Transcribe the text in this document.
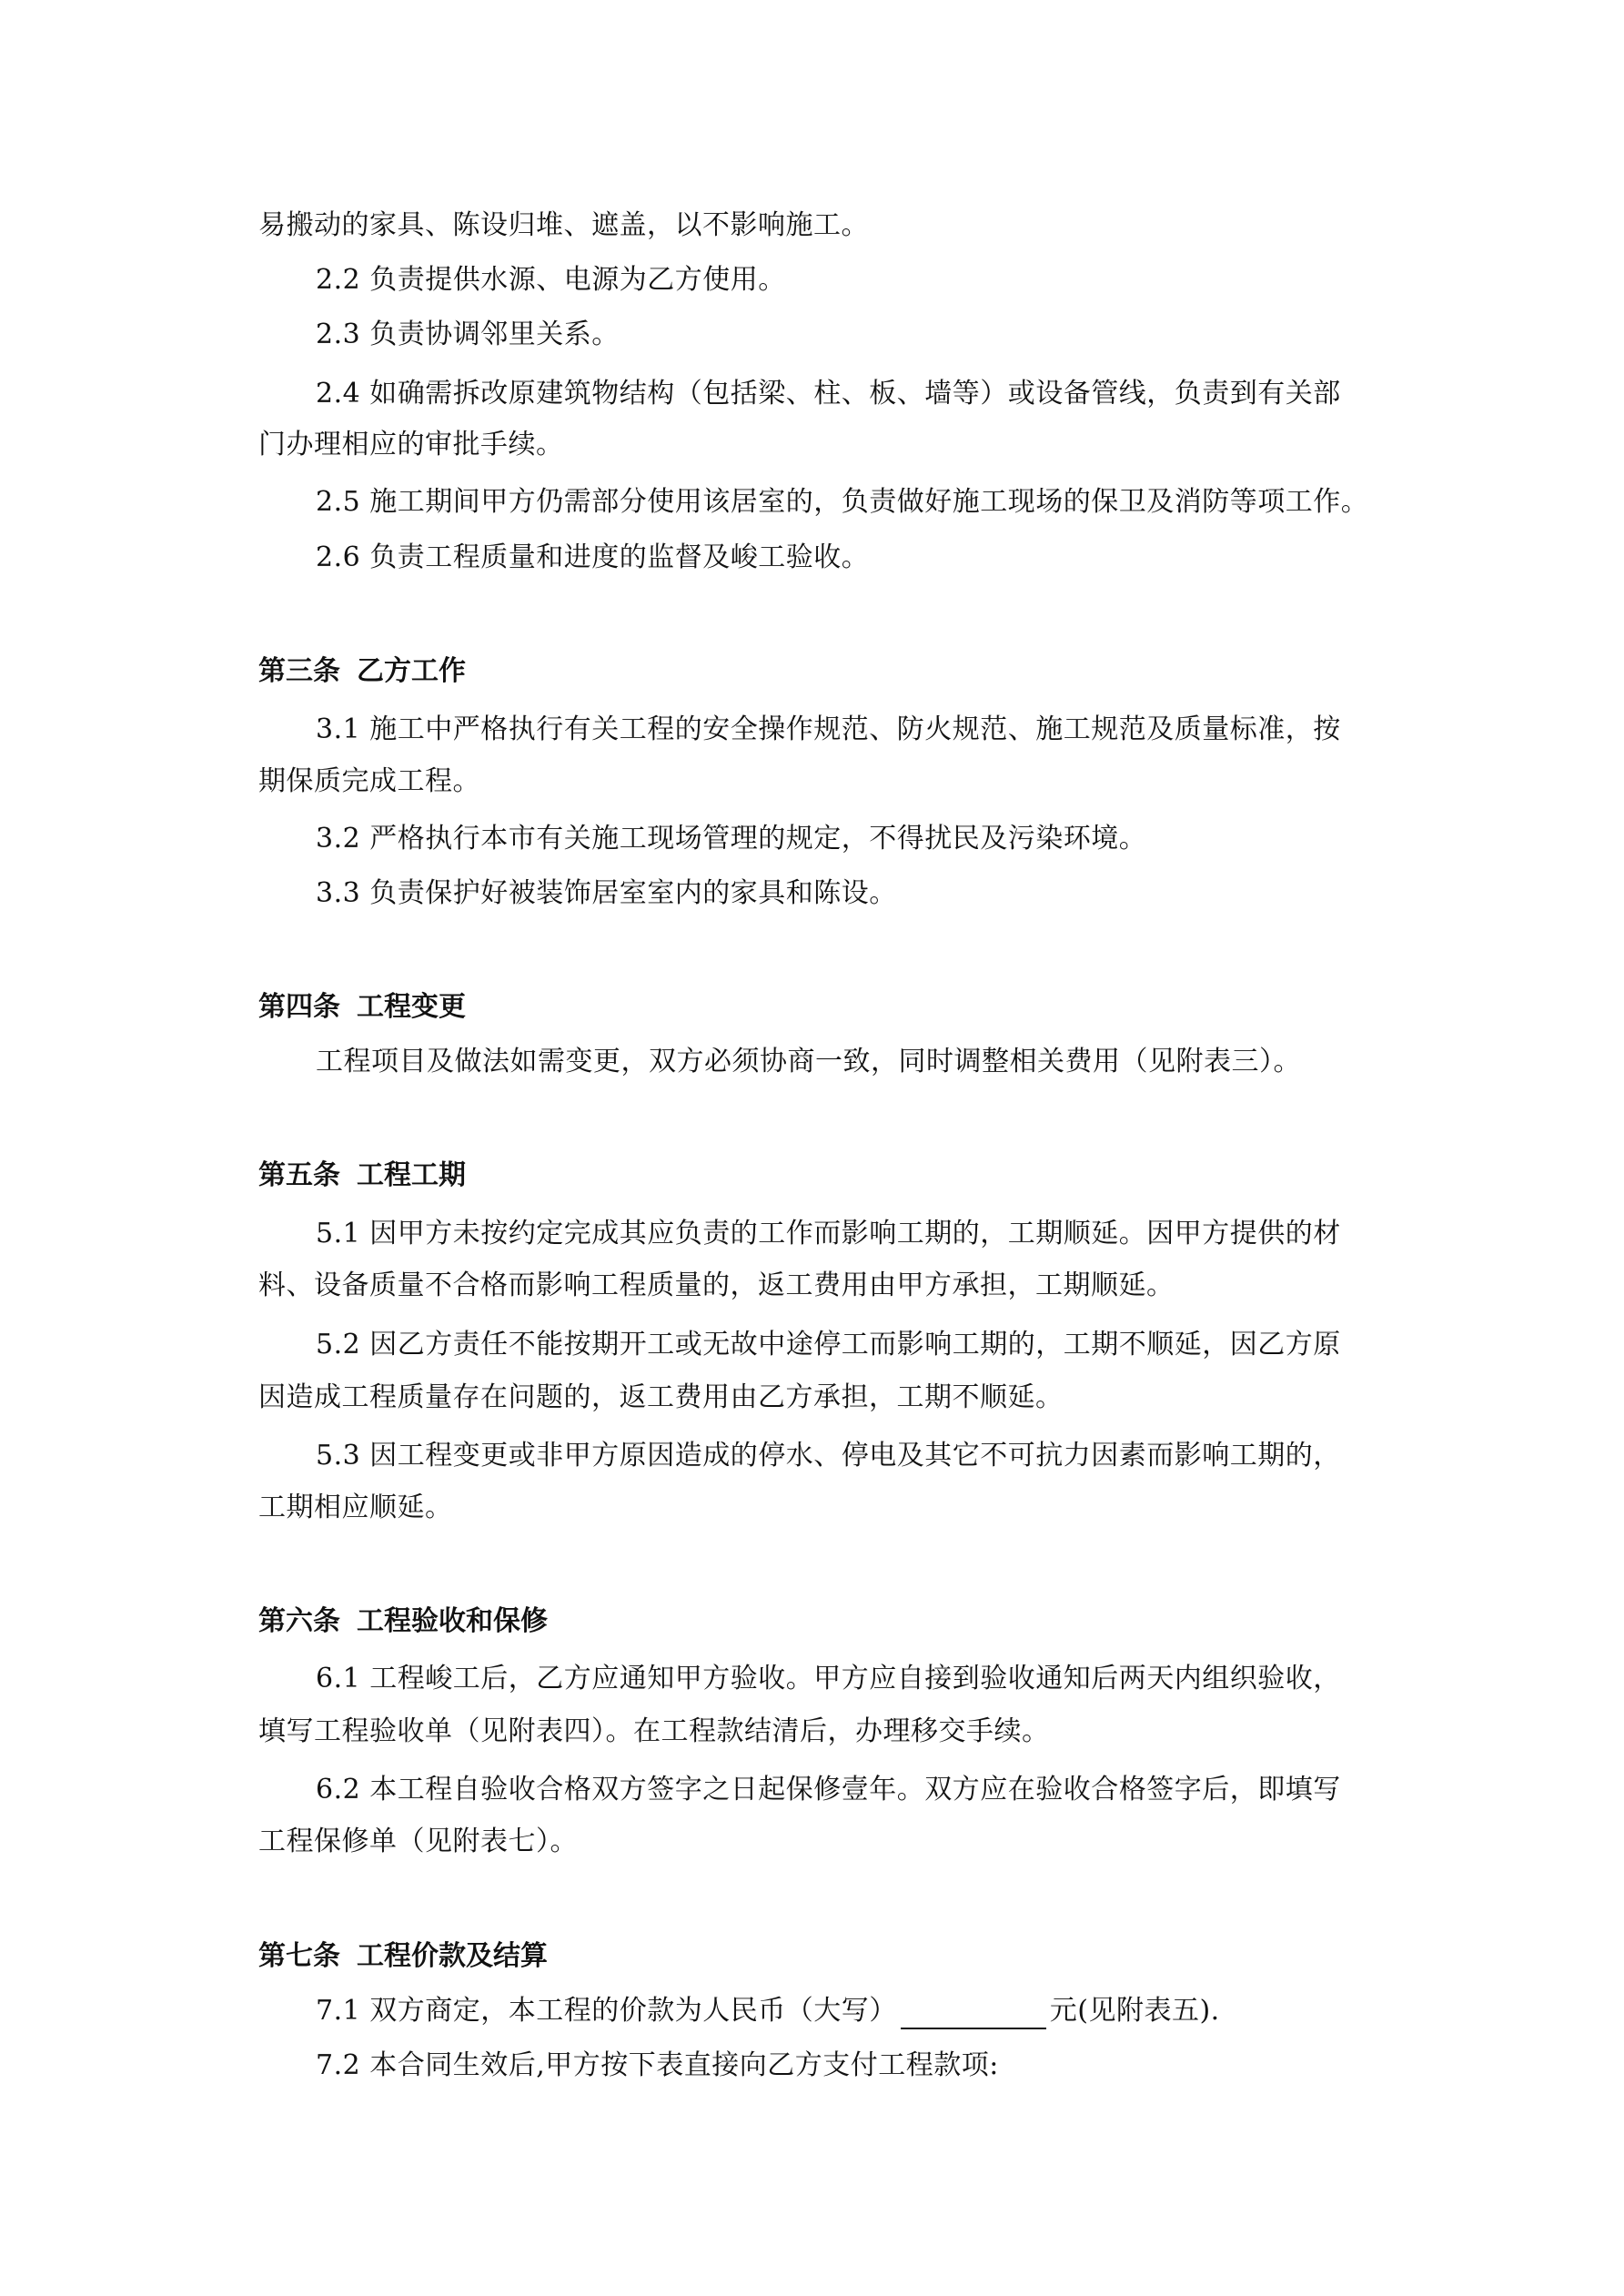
易搬动的家具、陈设归堆、遮盖，以不影响施工。
2.2 负责提供水源、电源为乙方使用。
2.3 负责协调邻里关系。
2.4 如确需拆改原建筑物结构（包括梁、柱、板、墙等）或设备管线，负责到有关部
门办理相应的审批手续。
2.5 施工期间甲方仍需部分使用该居室的，负责做好施工现场的保卫及消防等项工作。
2.6 负责工程质量和进度的监督及峻工验收。
第三条 乙方工作
3.1 施工中严格执行有关工程的安全操作规范、防火规范、施工规范及质量标准，按
期保质完成工程。
3.2 严格执行本市有关施工现场管理的规定，不得扰民及污染环境。
3.3 负责保护好被装饰居室室内的家具和陈设。
第四条 工程变更
工程项目及做法如需变更，双方必须协商一致，同时调整相关费用（见附表三）。
第五条 工程工期
5.1 因甲方未按约定完成其应负责的工作而影响工期的，工期顺延。因甲方提供的材
料、设备质量不合格而影响工程质量的，返工费用由甲方承担，工期顺延。
5.2 因乙方责任不能按期开工或无故中途停工而影响工期的，工期不顺延，因乙方原
因造成工程质量存在问题的，返工费用由乙方承担，工期不顺延。
5.3 因工程变更或非甲方原因造成的停水、停电及其它不可抗力因素而影响工期的，
工期相应顺延。
第六条 工程验收和保修
6.1 工程峻工后，乙方应通知甲方验收。甲方应自接到验收通知后两天内组织验收，
填写工程验收单（见附表四）。在工程款结清后，办理移交手续。
6.2 本工程自验收合格双方签字之日起保修壹年。双方应在验收合格签字后，即填写
工程保修单（见附表七）。
第七条 工程价款及结算
7.1 双方商定，本工程的价款为人民币（大写）	元(见附表五).
7.2 本合同生效后,甲方按下表直接向乙方支付工程款项:
